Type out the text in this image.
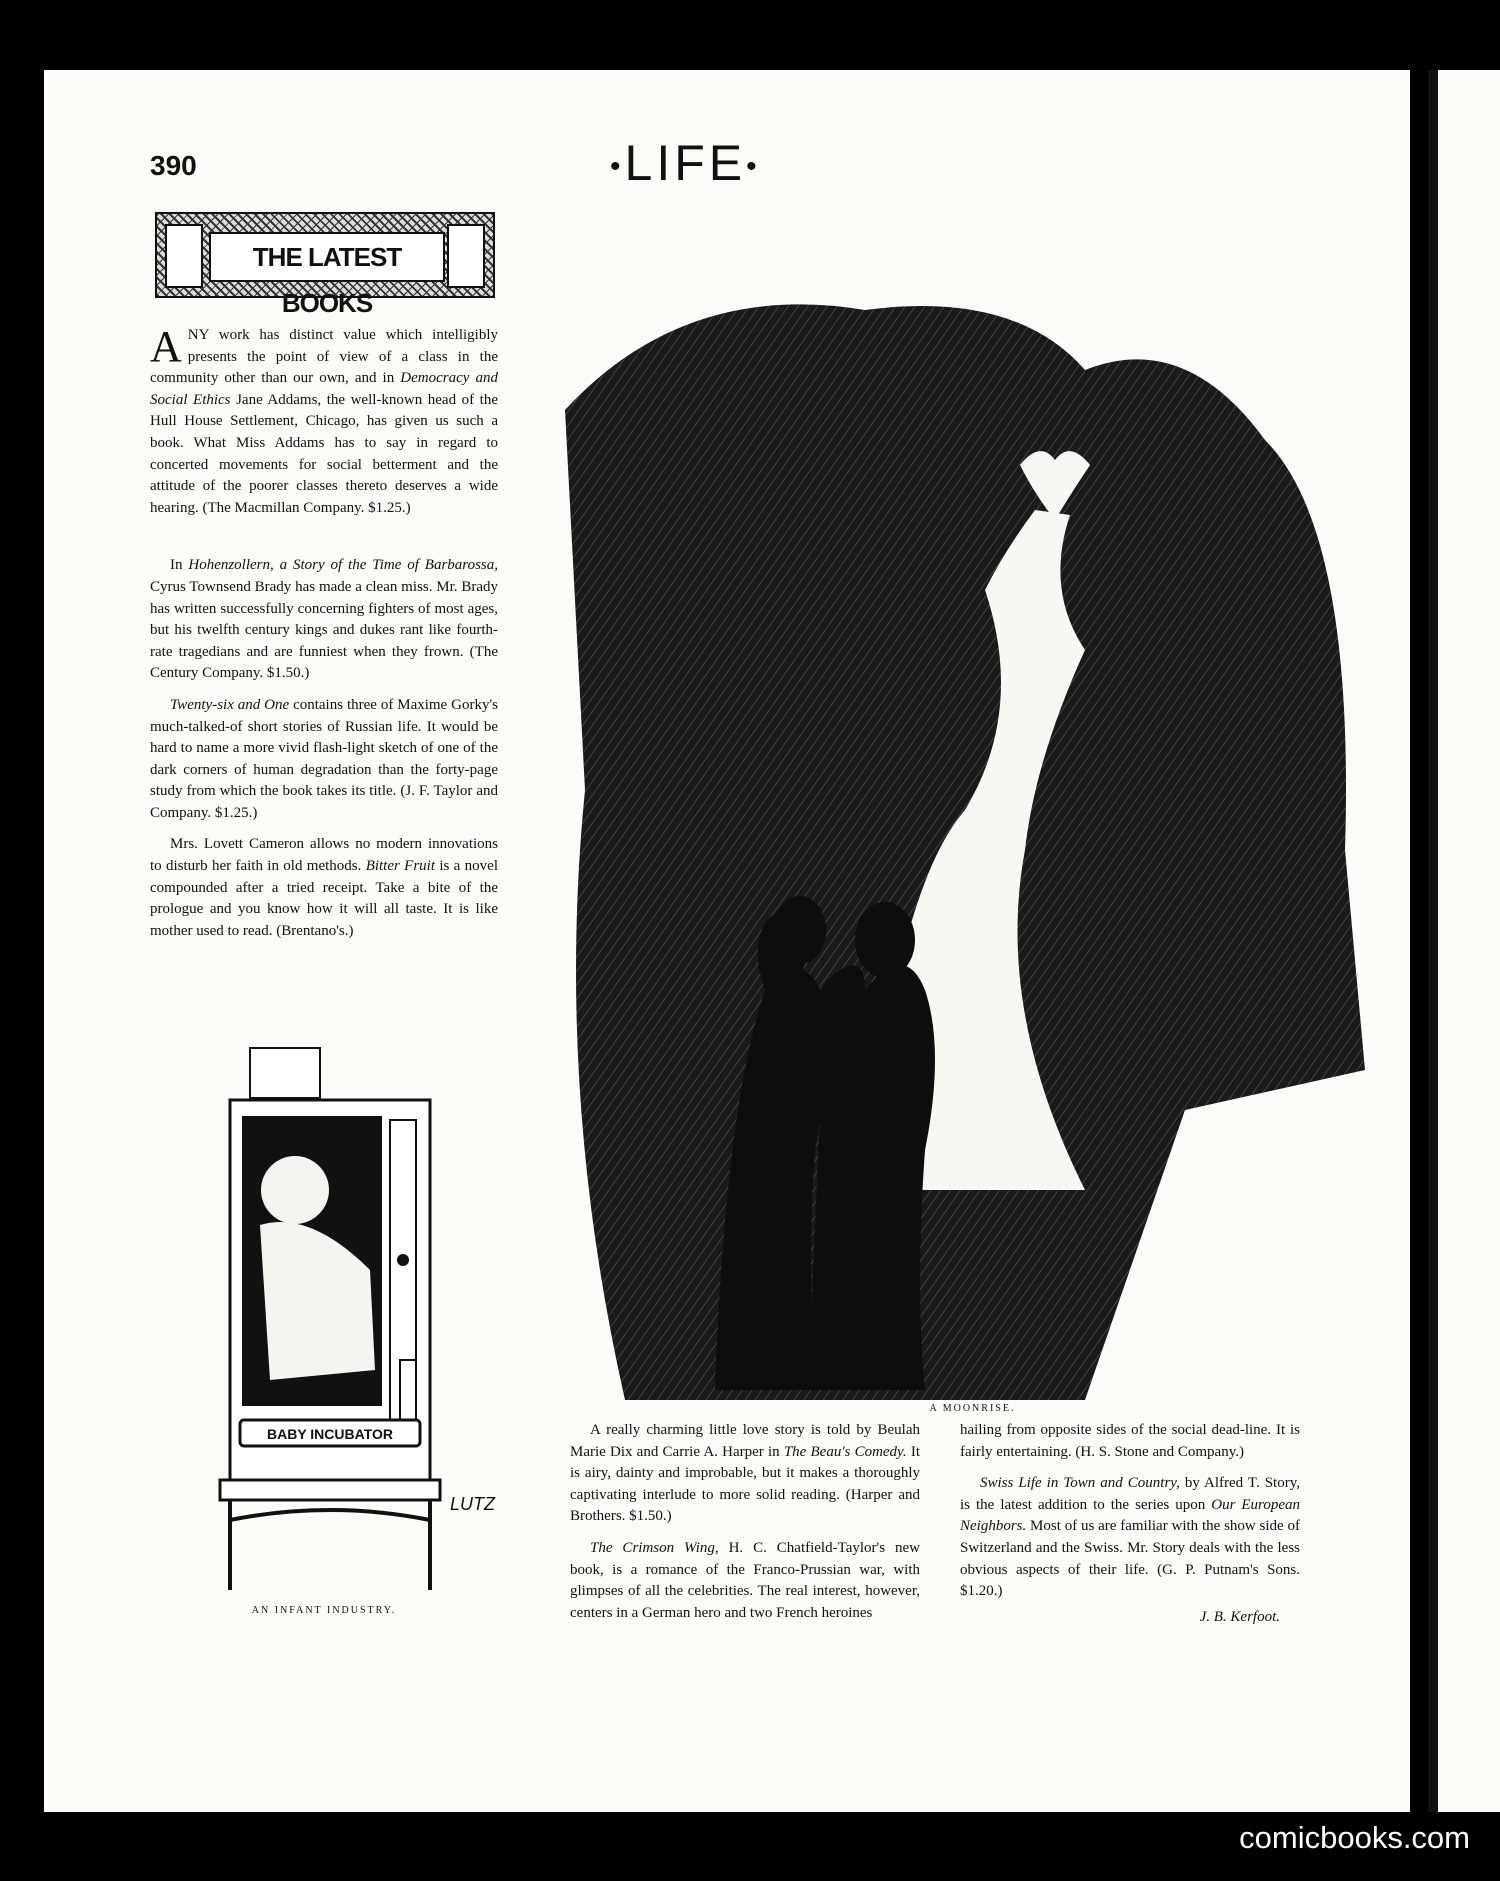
390	•LIFE•
THE LATEST BOOKS

ANY work has distinct value which intelligibly presents the point of view of a class in the community other than our own, and in Democracy and Social Ethics Jane Addams, the well-known head of the Hull House Settlement, Chicago, has given us such a book. What Miss Addams has to say in regard to concerted movements for social betterment and the attitude of the poorer classes thereto deserves a wide hearing. (The Macmillan Company. $1.25.)

In Hohenzollern, a Story of the Time of Barbarossa, Cyrus Townsend Brady has made a clean miss. Mr. Brady has written successfully concerning fighters of most ages, but his twelfth century kings and dukes rant like fourth-rate tragedians and are funniest when they frown. (The Century Company. $1.50.)

Twenty-six and One contains three of Maxime Gorky's much-talked-of short stories of Russian life. It would be hard to name a more vivid flash-light sketch of one of the dark corners of human degradation than the forty-page study from which the book takes its title. (J. F. Taylor and Company. $1.25.)

Mrs. Lovett Cameron allows no modern innovations to disturb her faith in old methods. Bitter Fruit is a novel compounded after a tried receipt. Take a bite of the prologue and you know how it will all taste. It is like mother used to read. (Brentano's.)

BABY INCUBATOR
LUTZ
AN INFANT INDUSTRY.
A MOONRISE.

A really charming little love story is told by Beulah Marie Dix and Carrie A. Harper in The Beau's Comedy. It is airy, dainty and improbable, but it makes a thoroughly captivating interlude to more solid reading. (Harper and Brothers. $1.50.)

The Crimson Wing, H. C. Chatfield-Taylor's new book, is a romance of the Franco-Prussian war, with glimpses of all the celebrities. The real interest, however, centers in a German hero and two French heroines

hailing from opposite sides of the social dead-line. It is fairly entertaining. (H. S. Stone and Company.)

Swiss Life in Town and Country, by Alfred T. Story, is the latest addition to the series upon Our European Neighbors. Most of us are familiar with the show side of Switzerland and the Swiss. Mr. Story deals with the less obvious aspects of their life. (G. P. Putnam's Sons. $1.20.)

J. B. Kerfoot.
comicbooks.com
